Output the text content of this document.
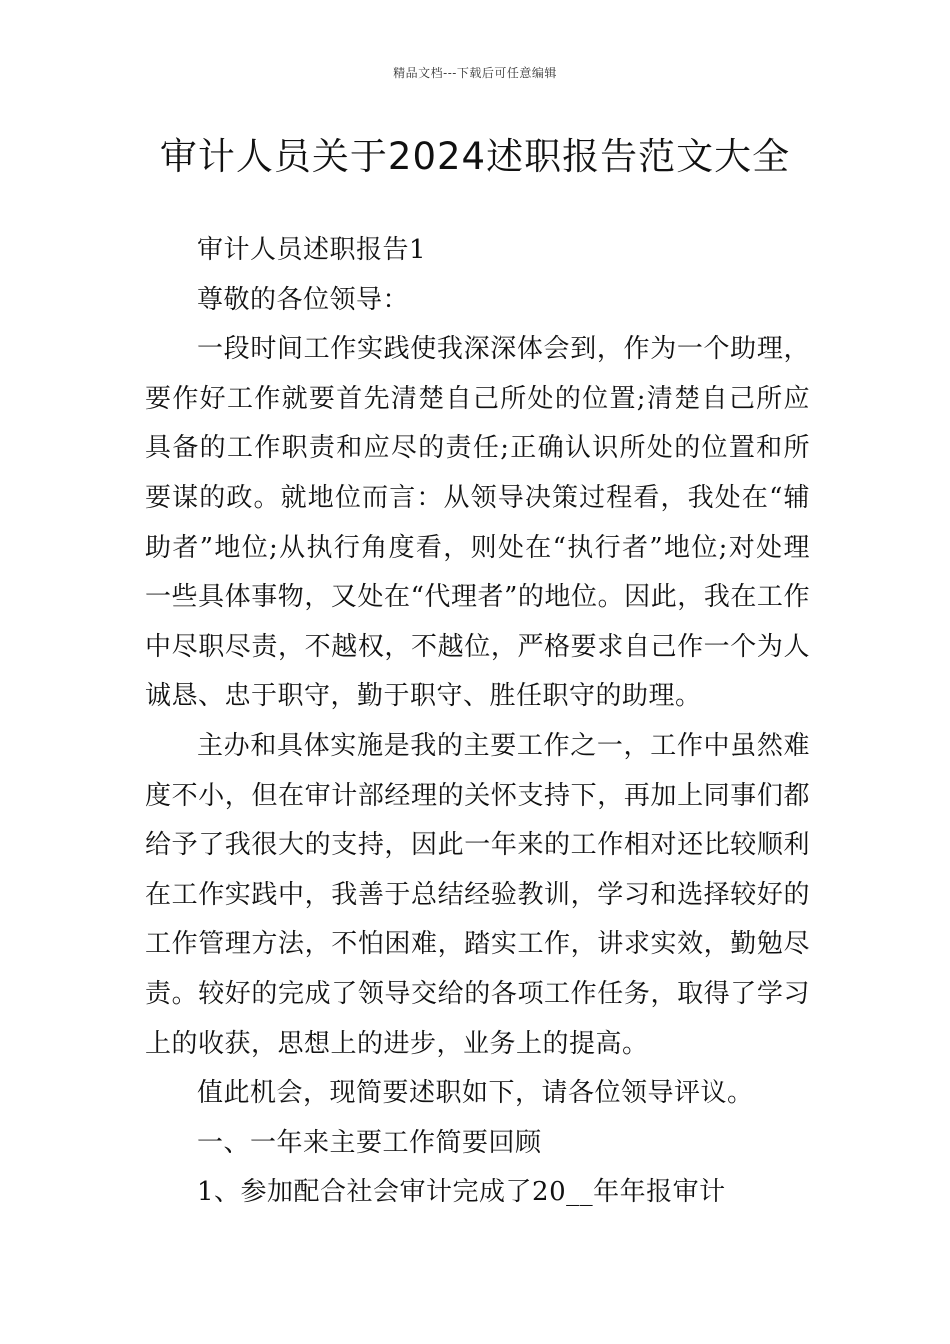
精品文档---下载后可任意编辑
审计人员关于2024述职报告范文大全

审计人员述职报告1

尊敬的各位领导：

一段时间工作实践使我深深体会到，作为一个助理，要作好工作就要首先清楚自己所处的位置;清楚自己所应具备的工作职责和应尽的责任;正确认识所处的位置和所要谋的政。就地位而言：从领导决策过程看，我处在“辅助者”地位;从执行角度看，则处在“执行者”地位;对处理一些具体事物，又处在“代理者”的地位。因此，我在工作中尽职尽责，不越权，不越位，严格要求自己作一个为人诚恳、忠于职守，勤于职守、胜任职守的助理。

主办和具体实施是我的主要工作之一，工作中虽然难度不小，但在审计部经理的关怀支持下，再加上同事们都给予了我很大的支持，因此一年来的工作相对还比较顺利在工作实践中，我善于总结经验教训，学习和选择较好的工作管理方法，不怕困难，踏实工作，讲求实效，勤勉尽责。较好的完成了领导交给的各项工作任务，取得了学习上的收获，思想上的进步，业务上的提高。

值此机会，现简要述职如下，请各位领导评议。

一、一年来主要工作简要回顾

1、参加配合社会审计完成了20__年年报审计
